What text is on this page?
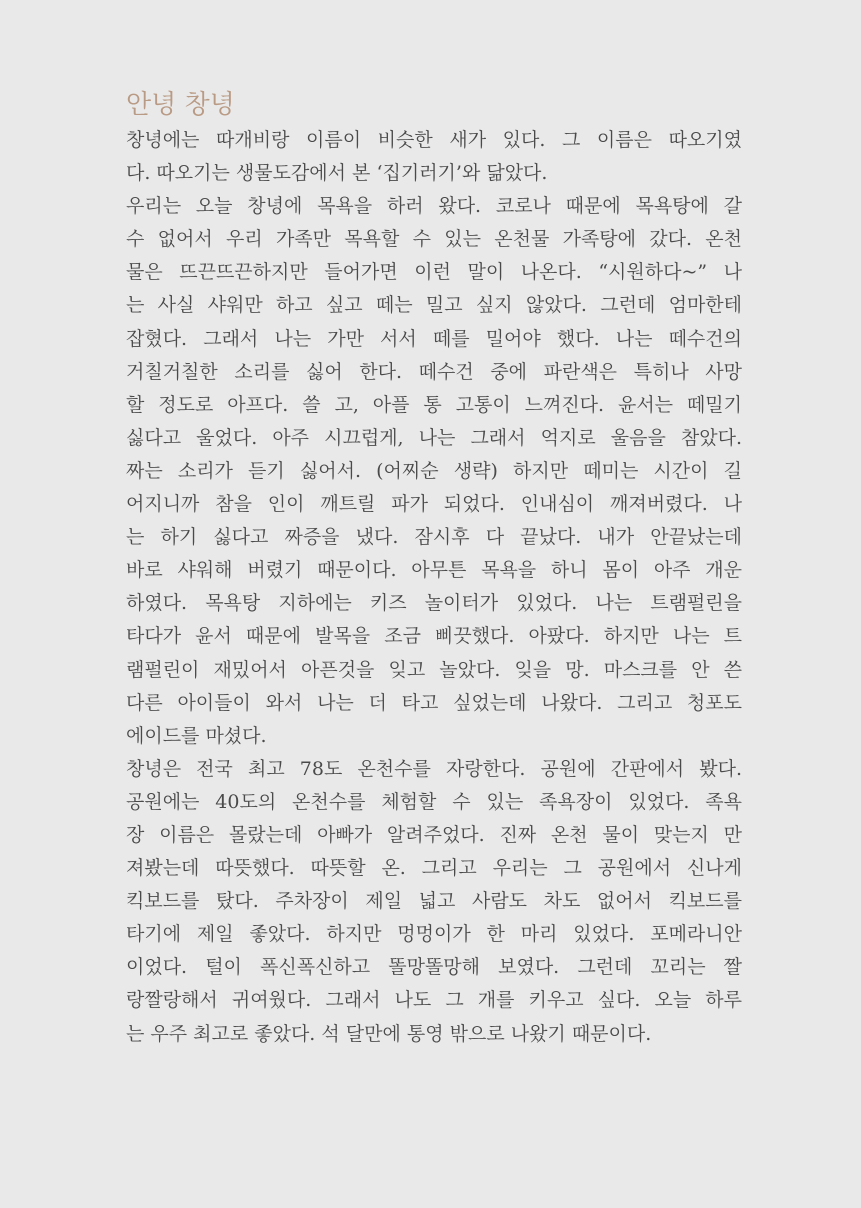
안녕 창녕

창녕에는 따개비랑 이름이 비슷한 새가 있다. 그 이름은 따오기였
다. 따오기는 생물도감에서 본 ‘집기러기’와 닮았다.

우리는 오늘 창녕에 목욕을 하러 왔다. 코로나 때문에 목욕탕에 갈
수 없어서 우리 가족만 목욕할 수 있는 온천물 가족탕에 갔다. 온천
물은 뜨끈뜨끈하지만 들어가면 이런 말이 나온다. “시원하다~” 나
는 사실 샤워만 하고 싶고 떼는 밀고 싶지 않았다. 그런데 엄마한테
잡혔다. 그래서 나는 가만 서서 떼를 밀어야 했다. 나는 떼수건의
거칠거칠한 소리를 싫어 한다. 떼수건 중에 파란색은 특히나 사망
할 정도로 아프다. 쓸 고, 아플 통 고통이 느껴진다. 윤서는 떼밀기
싫다고 울었다. 아주 시끄럽게, 나는 그래서 억지로 울음을 참았다.
짜는 소리가 듣기 싫어서. (어찌순 생략) 하지만 떼미는 시간이 길
어지니까 참을 인이 깨트릴 파가 되었다. 인내심이 깨져버렸다. 나
는 하기 싫다고 짜증을 냈다. 잠시후 다 끝났다. 내가 안끝났는데
바로 샤워해 버렸기 때문이다. 아무튼 목욕을 하니 몸이 아주 개운
하였다. 목욕탕 지하에는 키즈 놀이터가 있었다. 나는 트램펄린을
타다가 윤서 때문에 발목을 조금 삐끗했다. 아팠다. 하지만 나는 트
램펄린이 재밌어서 아픈것을 잊고 놀았다. 잊을 망. 마스크를 안 쓴
다른 아이들이 와서 나는 더 타고 싶었는데 나왔다. 그리고 청포도
에이드를 마셨다.

창녕은 전국 최고 78도 온천수를 자랑한다. 공원에 간판에서 봤다.
공원에는 40도의 온천수를 체험할 수 있는 족욕장이 있었다. 족욕
장 이름은 몰랐는데 아빠가 알려주었다. 진짜 온천 물이 맞는지 만
져봤는데 따뜻했다. 따뜻할 온. 그리고 우리는 그 공원에서 신나게
킥보드를 탔다. 주차장이 제일 넓고 사람도 차도 없어서 킥보드를
타기에 제일 좋았다. 하지만 멍멍이가 한 마리 있었다. 포메라니안
이었다. 털이 폭신폭신하고 똘망똘망해 보였다. 그런데 꼬리는 짤
랑짤랑해서 귀여웠다. 그래서 나도 그 개를 키우고 싶다. 오늘 하루
는 우주 최고로 좋았다. 석 달만에 통영 밖으로 나왔기 때문이다.
